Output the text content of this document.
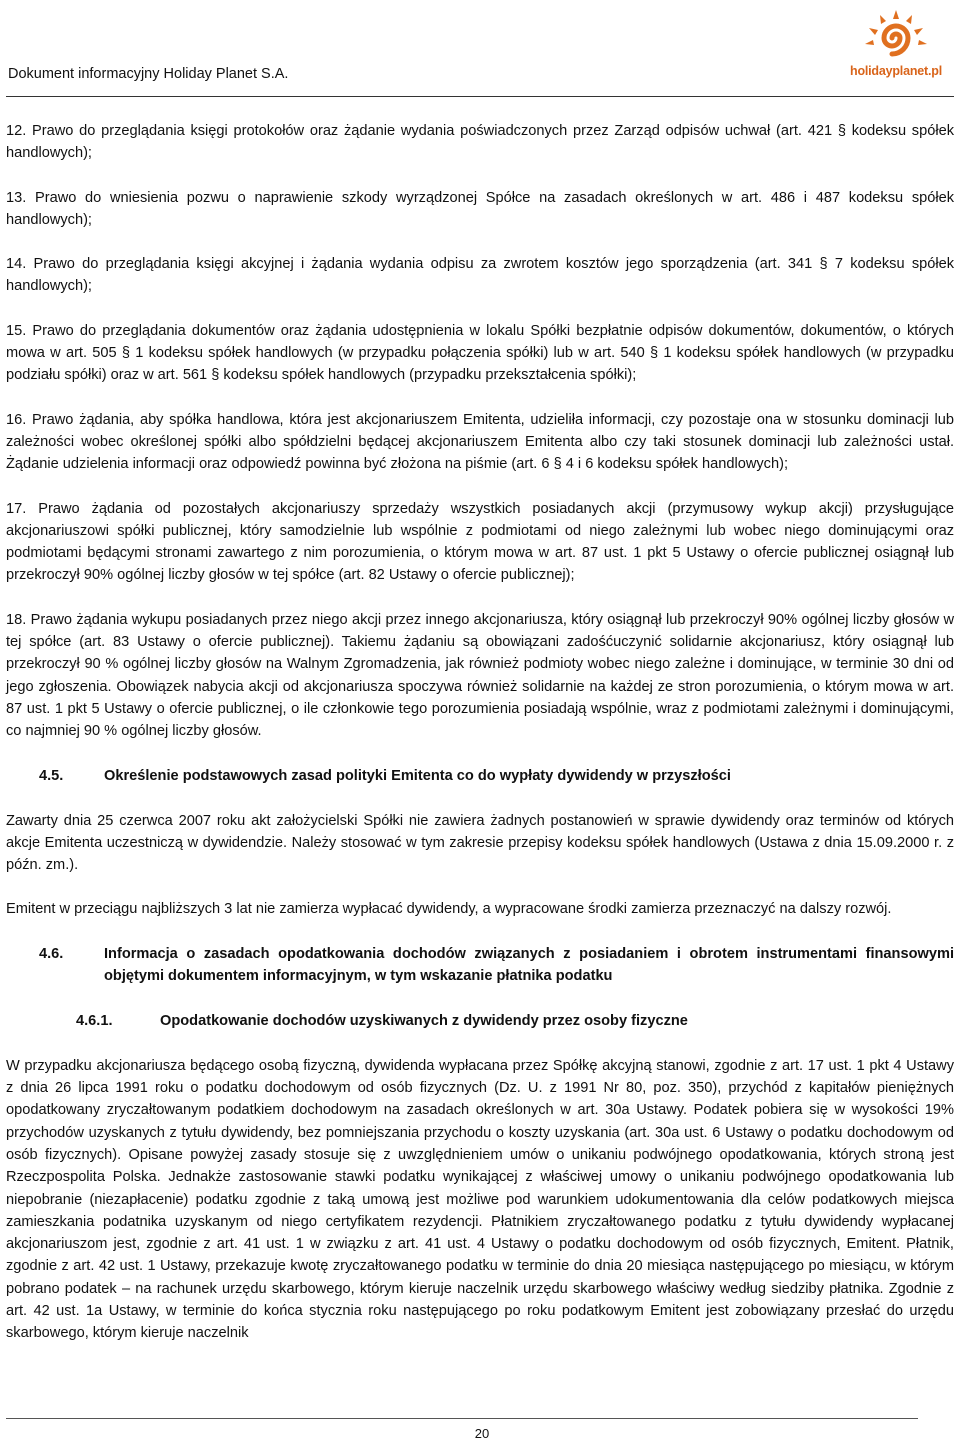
Dokument informacyjny Holiday Planet S.A.	holidayplanet.pl

12. Prawo do przeglądania księgi protokołów oraz żądanie wydania poświadczonych przez Zarząd odpisów uchwał (art. 421 § kodeksu spółek handlowych);

13. Prawo do wniesienia pozwu o naprawienie szkody wyrządzonej Spółce na zasadach określonych w art. 486 i 487 kodeksu spółek handlowych);

14. Prawo do przeglądania księgi akcyjnej i żądania wydania odpisu za zwrotem kosztów jego sporządzenia (art. 341 § 7 kodeksu spółek handlowych);

15. Prawo do przeglądania dokumentów oraz żądania udostępnienia w lokalu Spółki bezpłatnie odpisów dokumentów, dokumentów, o których mowa w art. 505 § 1 kodeksu spółek handlowych (w przypadku połączenia spółki) lub w art. 540 § 1 kodeksu spółek handlowych (w przypadku podziału spółki) oraz w art. 561 § kodeksu spółek handlowych (przypadku przekształcenia spółki);

16. Prawo żądania, aby spółka handlowa, która jest akcjonariuszem Emitenta, udzieliła informacji, czy pozostaje ona w stosunku dominacji lub zależności wobec określonej spółki albo spółdzielni będącej akcjonariuszem Emitenta albo czy taki stosunek dominacji lub zależności ustał. Żądanie udzielenia informacji oraz odpowiedź powinna być złożona na piśmie (art. 6 § 4 i 6 kodeksu spółek handlowych);

17. Prawo żądania od pozostałych akcjonariuszy sprzedaży wszystkich posiadanych akcji (przymusowy wykup akcji) przysługujące akcjonariuszowi spółki publicznej, który samodzielnie lub wspólnie z podmiotami od niego zależnymi lub wobec niego dominującymi oraz podmiotami będącymi stronami zawartego z nim porozumienia, o którym mowa w art. 87 ust. 1 pkt 5 Ustawy o ofercie publicznej osiągnął lub przekroczył 90% ogólnej liczby głosów w tej spółce (art. 82 Ustawy o ofercie publicznej);

18. Prawo żądania wykupu posiadanych przez niego akcji przez innego akcjonariusza, który osiągnął lub przekroczył 90% ogólnej liczby głosów w tej spółce (art. 83 Ustawy o ofercie publicznej). Takiemu żądaniu są obowiązani zadośćuczynić solidarnie akcjonariusz, który osiągnął lub przekroczył 90 % ogólnej liczby głosów na Walnym Zgromadzenia, jak również podmioty wobec niego zależne i dominujące, w terminie 30 dni od jego zgłoszenia. Obowiązek nabycia akcji od akcjonariusza spoczywa również solidarnie na każdej ze stron porozumienia, o którym mowa w art. 87 ust. 1 pkt 5 Ustawy o ofercie publicznej, o ile członkowie tego porozumienia posiadają wspólnie, wraz z podmiotami zależnymi i dominującymi, co najmniej 90 % ogólnej liczby głosów.

4.5.	Określenie podstawowych zasad polityki Emitenta co do wypłaty dywidendy w przyszłości

Zawarty dnia 25 czerwca 2007 roku akt założycielski Spółki nie zawiera żadnych postanowień w sprawie dywidendy oraz terminów od których akcje Emitenta uczestniczą w dywidendzie. Należy stosować w tym zakresie przepisy kodeksu spółek handlowych (Ustawa z dnia 15.09.2000 r. z późn. zm.).

Emitent w przeciągu najbliższych 3 lat nie zamierza wypłacać dywidendy, a wypracowane środki zamierza przeznaczyć na dalszy rozwój.

4.6.	Informacja o zasadach opodatkowania dochodów związanych z posiadaniem i obrotem instrumentami finansowymi objętymi dokumentem informacyjnym, w tym wskazanie płatnika podatku
4.6.1.	Opodatkowanie dochodów uzyskiwanych z dywidendy przez osoby fizyczne

W przypadku akcjonariusza będącego osobą fizyczną, dywidenda wypłacana przez Spółkę akcyjną stanowi, zgodnie z art. 17 ust. 1 pkt 4 Ustawy z dnia 26 lipca 1991 roku o podatku dochodowym od osób fizycznych (Dz. U. z 1991 Nr 80, poz. 350), przychód z kapitałów pieniężnych opodatkowany zryczałtowanym podatkiem dochodowym na zasadach określonych w art. 30a Ustawy. Podatek pobiera się w wysokości 19% przychodów uzyskanych z tytułu dywidendy, bez pomniejszania przychodu o koszty uzyskania (art. 30a ust. 6 Ustawy o podatku dochodowym od osób fizycznych). Opisane powyżej zasady stosuje się z uwzględnieniem umów o unikaniu podwójnego opodatkowania, których stroną jest Rzeczpospolita Polska. Jednakże zastosowanie stawki podatku wynikającej z właściwej umowy o unikaniu podwójnego opodatkowania lub niepobranie (niezapłacenie) podatku zgodnie z taką umową jest możliwe pod warunkiem udokumentowania dla celów podatkowych miejsca zamieszkania podatnika uzyskanym od niego certyfikatem rezydencji. Płatnikiem zryczałtowanego podatku z tytułu dywidendy wypłacanej akcjonariuszom jest, zgodnie z art. 41 ust. 1 w związku z art. 41 ust. 4 Ustawy o podatku dochodowym od osób fizycznych, Emitent. Płatnik, zgodnie z art. 42 ust. 1 Ustawy, przekazuje kwotę zryczałtowanego podatku w terminie do dnia 20 miesiąca następującego po miesiącu, w którym pobrano podatek – na rachunek urzędu skarbowego, którym kieruje naczelnik urzędu skarbowego właściwy według siedziby płatnika. Zgodnie z art. 42 ust. 1a Ustawy, w terminie do końca stycznia roku następującego po roku podatkowym Emitent jest zobowiązany przesłać do urzędu skarbowego, którym kieruje naczelnik

20
